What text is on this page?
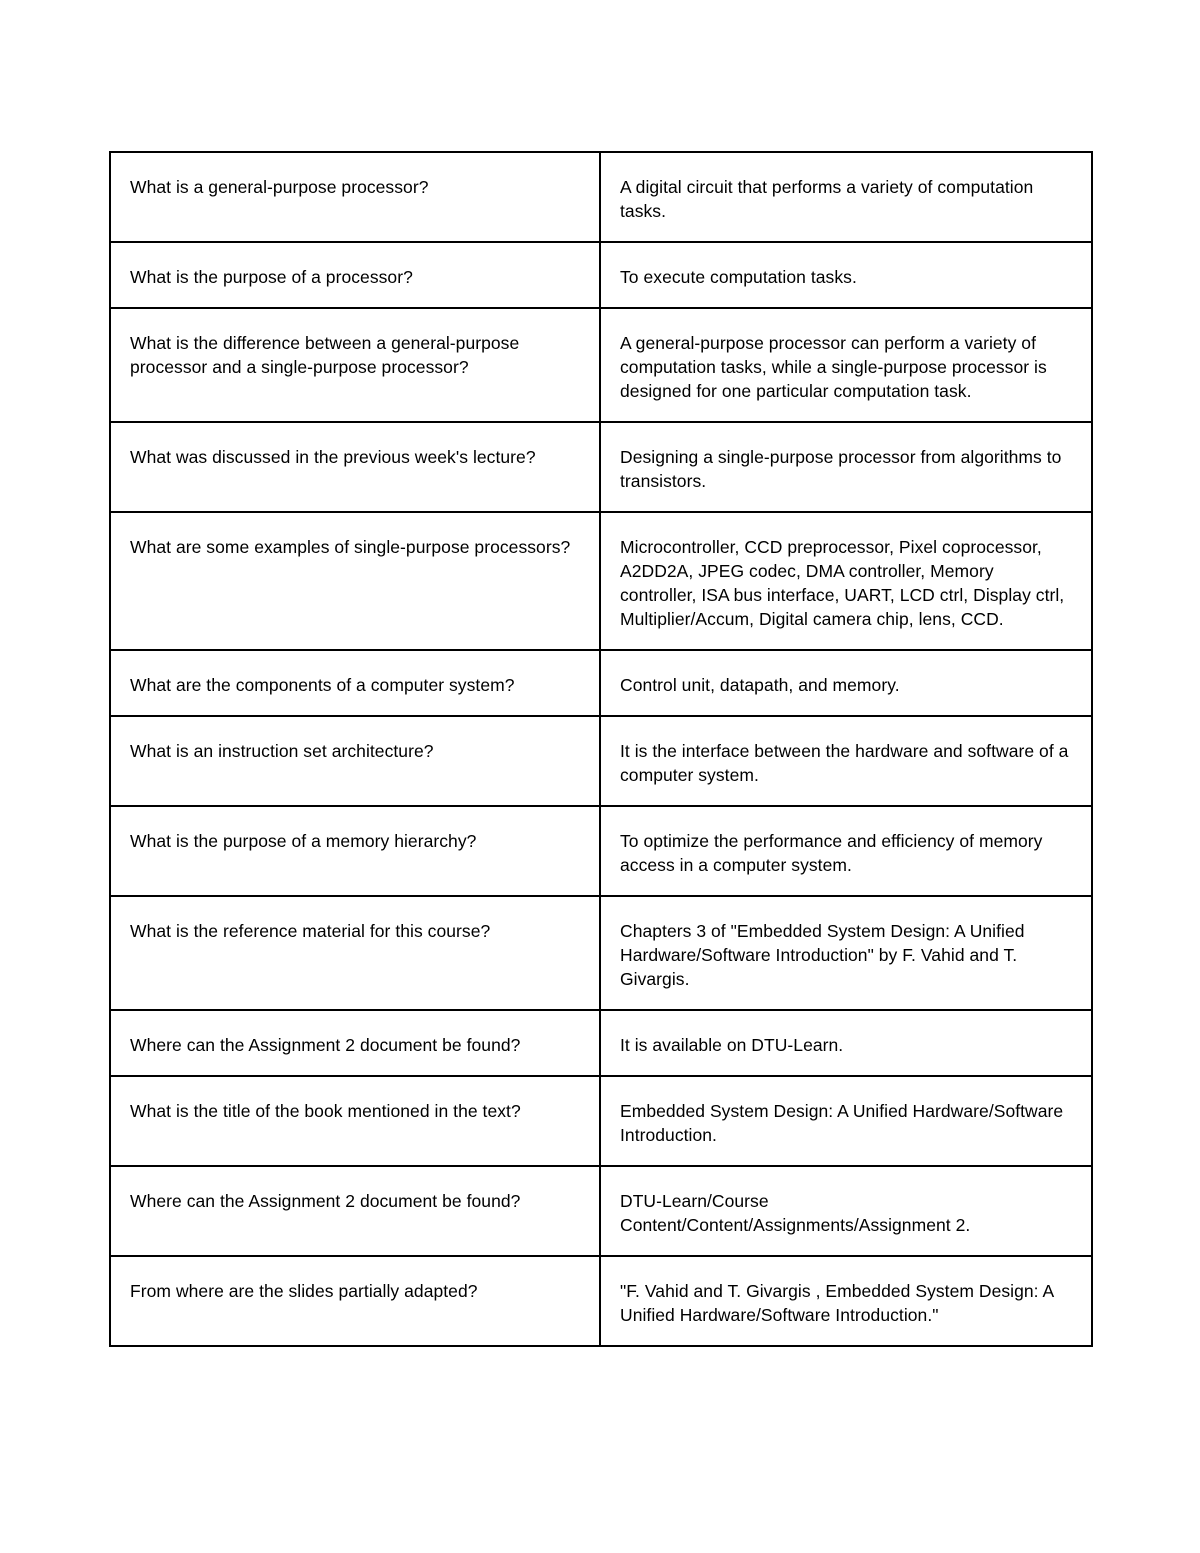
What is a general-purpose processor?	A digital circuit that performs a variety of computation tasks.
What is the purpose of a processor?	To execute computation tasks.
What is the difference between a general-purpose processor and a single-purpose processor?	A general-purpose processor can perform a variety of computation tasks, while a single-purpose processor is designed for one particular computation task.
What was discussed in the previous week's lecture?	Designing a single-purpose processor from algorithms to transistors.
What are some examples of single-purpose processors?	Microcontroller, CCD preprocessor, Pixel coprocessor, A2DD2A, JPEG codec, DMA controller, Memory controller, ISA bus interface, UART, LCD ctrl, Display ctrl, Multiplier/Accum, Digital camera chip, lens, CCD.
What are the components of a computer system?	Control unit, datapath, and memory.
What is an instruction set architecture?	It is the interface between the hardware and software of a computer system.
What is the purpose of a memory hierarchy?	To optimize the performance and efficiency of memory access in a computer system.
What is the reference material for this course?	Chapters 3 of "Embedded System Design: A Unified Hardware/Software Introduction" by F. Vahid and T. Givargis.
Where can the Assignment 2 document be found?	It is available on DTU-Learn.
What is the title of the book mentioned in the text?	Embedded System Design: A Unified Hardware/Software Introduction.
Where can the Assignment 2 document be found?	DTU-Learn/Course Content/Content/Assignments/Assignment 2.
From where are the slides partially adapted?	"F. Vahid and T. Givargis , Embedded System Design: A Unified Hardware/Software Introduction."
